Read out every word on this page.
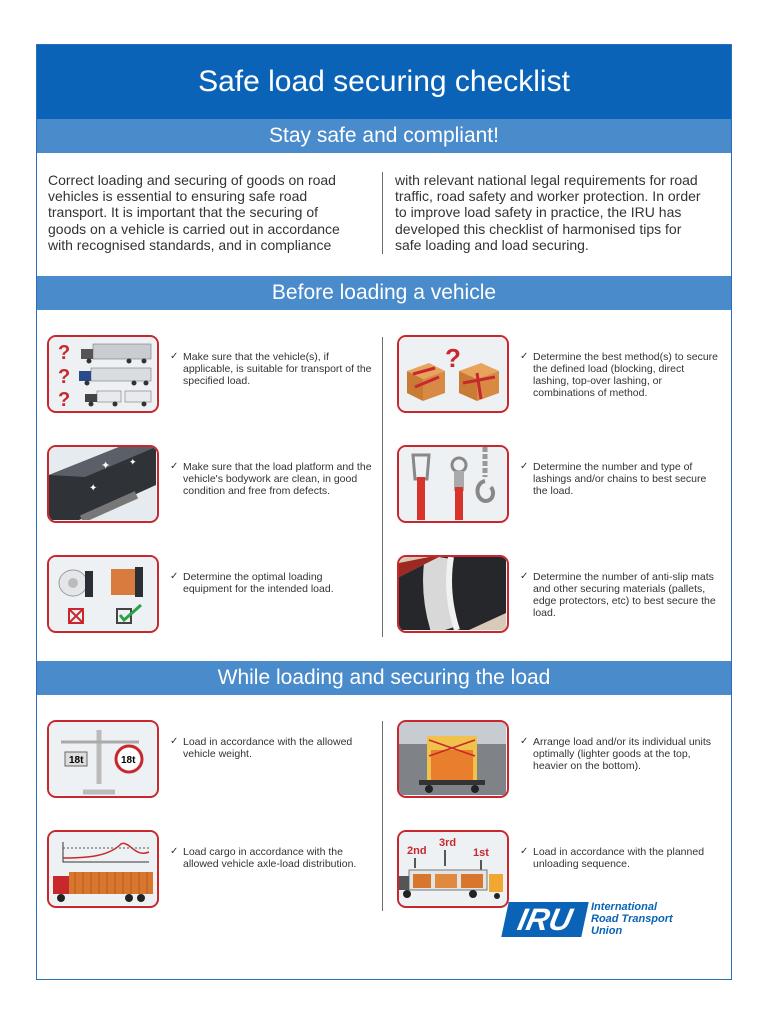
Safe load securing checklist
Stay safe and compliant!

Correct loading and securing of goods on road vehicles is essential to ensuring safe road transport. It is important that the securing of goods on a vehicle is carried out in accordance with recognised standards, and in compliance

with relevant national legal requirements for road traffic, road safety and worker protection. In order to improve load safety in practice, the IRU has developed this checklist of harmonised tips for safe loading and load securing.

Before loading a vehicle
?
?
?

✓ Make sure that the vehicle(s), if applicable, is suitable for transport of the specified load.

?	✓ Determine the best method(s) to secure the defined load (blocking, direct lashing, top-over lashing, or combinations of method.

✦ ✦
✦

✓ Make sure that the load platform and the vehicle's bodywork are clean, in good condition and free from defects.

✓ Determine the number and type of lashings and/or chains to best secure the load.

✓ Determine the optimal loading equipment for the intended load.

✓ Determine the number of anti-slip mats and other securing materials (pallets, edge protectors, etc) to best secure the load.

While loading and securing the load
18t	18t

✓ Load in accordance with the allowed vehicle weight.

✓ Arrange load and/or its individual units optimally (lighter goods at the top, heavier on the bottom).

✓ Load cargo in accordance with the allowed vehicle axle-load distribution.

2nd
3rd
1st	✓ Load in accordance with the planned unloading sequence.

IRU	International
Road Transport
Union
